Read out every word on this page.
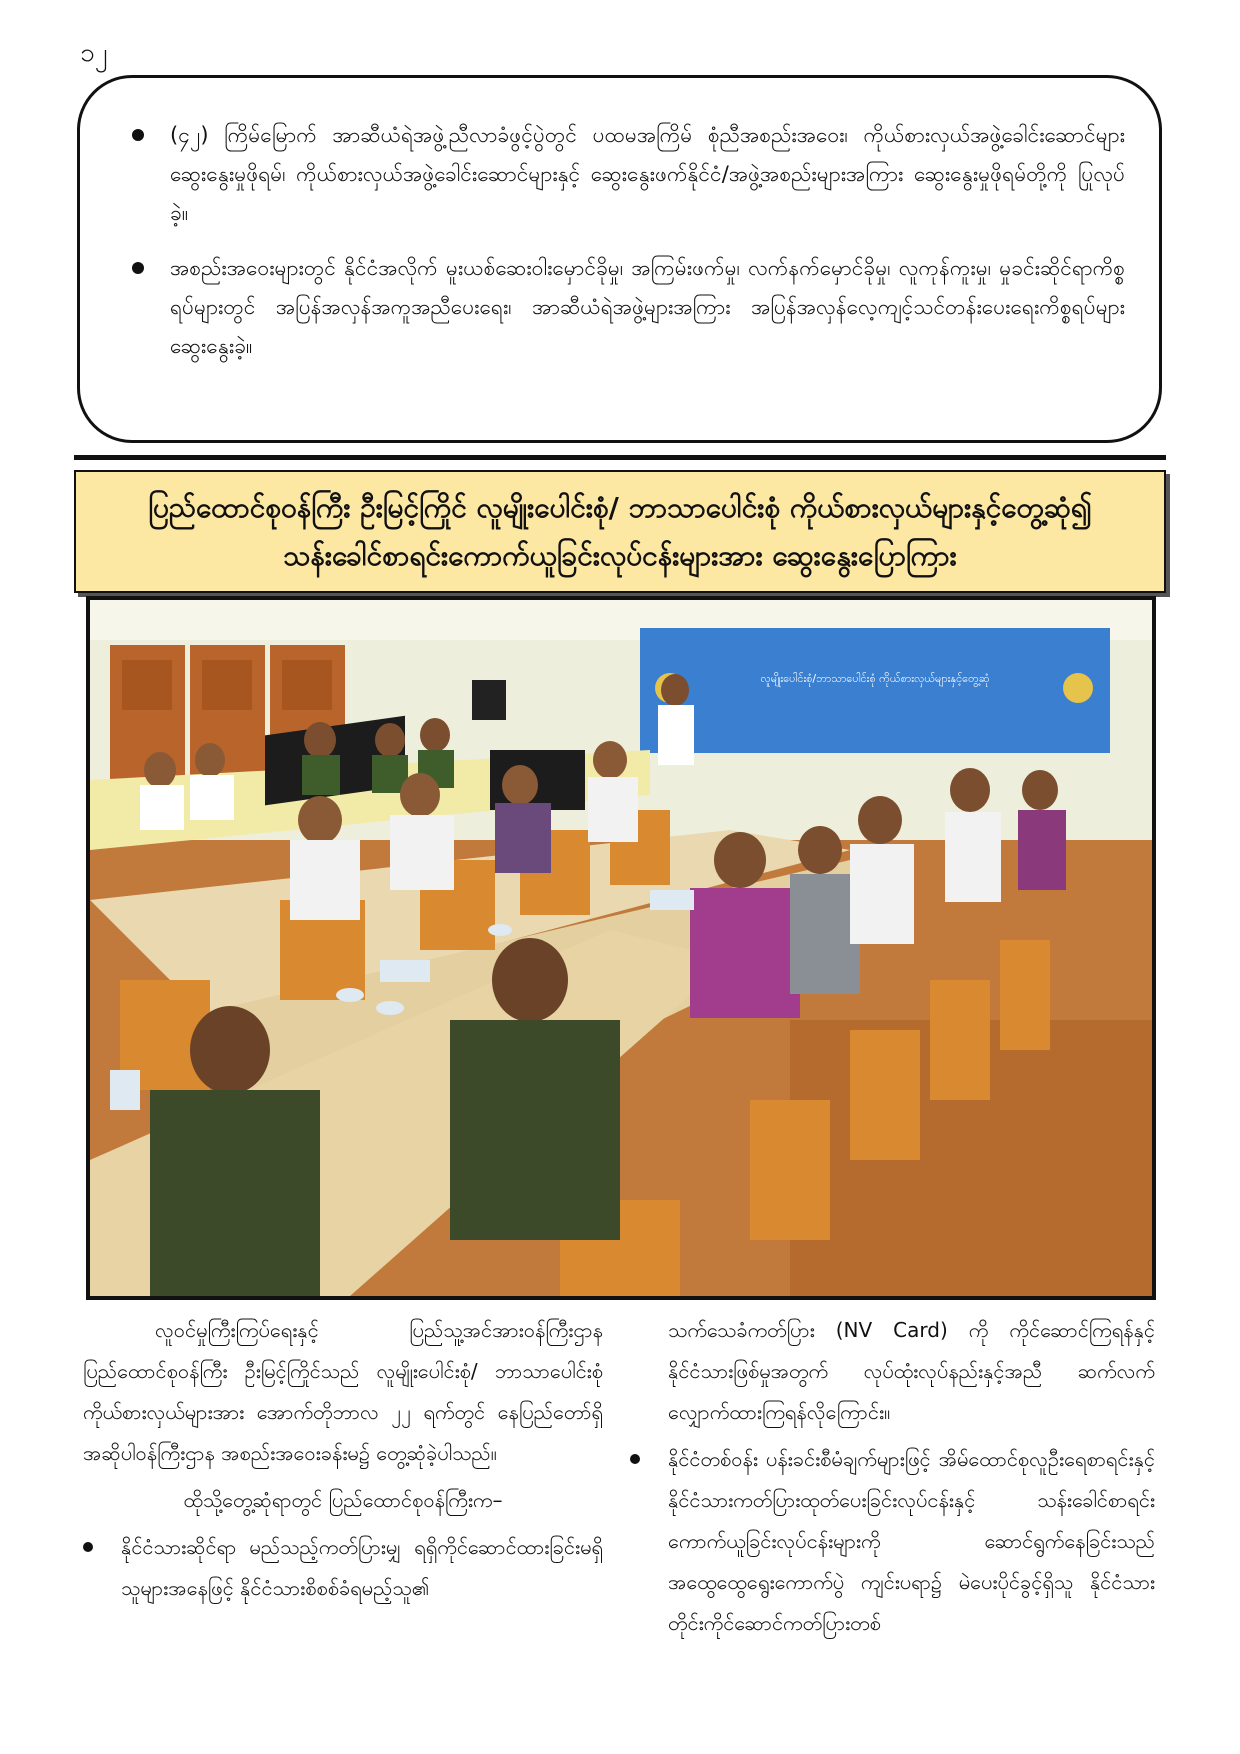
၁၂
(၄၂) ကြိမ်မြောက် အာဆီယံရဲအဖွဲ့ညီလာခံဖွင့်ပွဲတွင် ပထမအကြိမ် စုံညီအစည်းအဝေး၊ ကိုယ်စားလှယ်အဖွဲ့ခေါင်းဆောင်များဆွေးနွေးမှုဖိုရမ်၊ ကိုယ်စားလှယ်အဖွဲ့ခေါင်းဆောင်များနှင့် ဆွေးနွေးဖက်နိုင်ငံ/အဖွဲ့အစည်းများအကြား ဆွေးနွေးမှုဖိုရမ်တို့ကို ပြုလုပ်ခဲ့။
အစည်းအဝေးများတွင် နိုင်ငံအလိုက် မူးယစ်ဆေးဝါးမှောင်ခိုမှု၊ အကြမ်းဖက်မှု၊ လက်နက်မှောင်ခိုမှု၊ လူကုန်ကူးမှု၊ မှုခင်းဆိုင်ရာကိစ္စရပ်များတွင် အပြန်အလှန်အကူအညီပေးရေး၊ အာဆီယံရဲအဖွဲ့များအကြား အပြန်အလှန်လေ့ကျင့်သင်တန်းပေးရေးကိစ္စရပ်များဆွေးနွေးခဲ့။
ပြည်ထောင်စုဝန်ကြီး ဦးမြင့်ကြိုင် လူမျိုးပေါင်းစုံ/ ဘာသာပေါင်းစုံ ကိုယ်စားလှယ်များနှင့်တွေ့ဆုံ၍
သန်းခေါင်စာရင်းကောက်ယူခြင်းလုပ်ငန်းများအား ဆွေးနွေးပြောကြား
လူမျိုးပေါင်းစုံ/ဘာသာပေါင်းစုံ ကိုယ်စားလှယ်များနှင့်တွေ့ဆုံ

လူဝင်မှုကြီးကြပ်ရေးနှင့် ပြည်သူ့အင်အားဝန်ကြီးဌာန ပြည်ထောင်စုဝန်ကြီး ဦးမြင့်ကြိုင်သည် လူမျိုးပေါင်းစုံ/ ဘာသာပေါင်းစုံ ကိုယ်စားလှယ်များအား အောက်တိုဘာလ ၂၂ ရက်တွင် နေပြည်တော်ရှိ အဆိုပါဝန်ကြီးဌာန အစည်းအဝေးခန်းမ၌ တွေ့ဆုံခဲ့ပါသည်။

ထိုသို့တွေ့ဆုံရာတွင် ပြည်ထောင်စုဝန်ကြီးက–

နိုင်ငံသားဆိုင်ရာ မည်သည့်ကတ်ပြားမျှ ရရှိကိုင်ဆောင်ထားခြင်းမရှိသူများအနေဖြင့် နိုင်ငံသားစိစစ်ခံရမည့်သူ၏

သက်သေခံကတ်ပြား (NV Card) ကို ကိုင်ဆောင်ကြရန်နှင့် နိုင်ငံသားဖြစ်မှုအတွက် လုပ်ထုံးလုပ်နည်းနှင့်အညီ ဆက်လက်လျှောက်ထားကြရန်လိုကြောင်း။

နိုင်ငံတစ်ဝန်း ပန်းခင်းစီမံချက်များဖြင့် အိမ်ထောင်စုလူဦးရေစာရင်းနှင့် နိုင်ငံသားကတ်ပြားထုတ်ပေးခြင်းလုပ်ငန်းနှင့် သန်းခေါင်စာရင်းကောက်ယူခြင်းလုပ်ငန်းများကို ဆောင်ရွက်နေခြင်းသည် အထွေထွေရွေးကောက်ပွဲ ကျင်းပရာ၌ မဲပေးပိုင်ခွင့်ရှိသူ နိုင်ငံသားတိုင်းကိုင်ဆောင်ကတ်ပြားတစ်
